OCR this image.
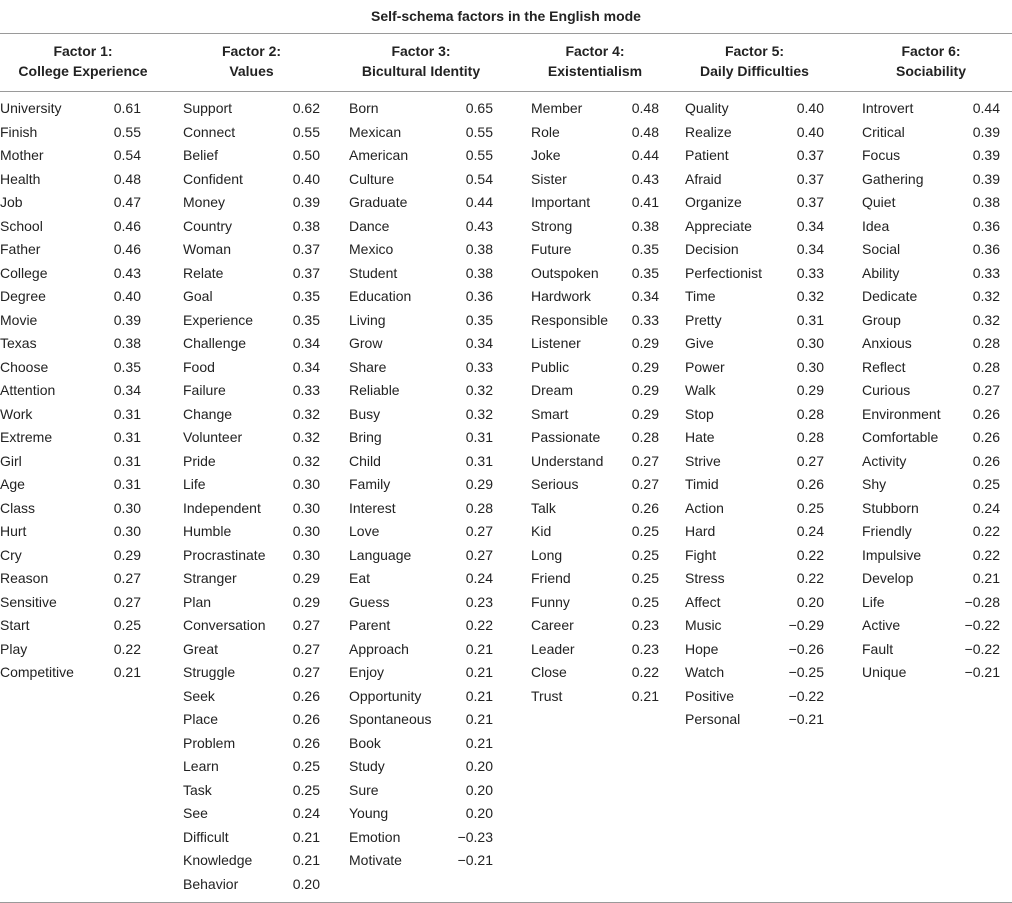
Self-schema factors in the English mode
Factor 1:
College Experience
University	0.61
Finish	0.55
Mother	0.54
Health	0.48
Job	0.47
School	0.46
Father	0.46
College	0.43
Degree	0.40
Movie	0.39
Texas	0.38
Choose	0.35
Attention	0.34
Work	0.31
Extreme	0.31
Girl	0.31
Age	0.31
Class	0.30
Hurt	0.30
Cry	0.29
Reason	0.27
Sensitive	0.27
Start	0.25
Play	0.22
Competitive	0.21
Factor 2:
Values
Support	0.62
Connect	0.55
Belief	0.50
Confident	0.40
Money	0.39
Country	0.38
Woman	0.37
Relate	0.37
Goal	0.35
Experience	0.35
Challenge	0.34
Food	0.34
Failure	0.33
Change	0.32
Volunteer	0.32
Pride	0.32
Life	0.30
Independent 0.30
Humble	0.30
Procrastinate 0.30
Stranger	0.29
Plan	0.29
Conversation 0.27
Great	0.27
Struggle	0.27
Seek	0.26
Place	0.26
Problem	0.26
Learn	0.25
Task	0.25
See	0.24
Difficult	0.21
Knowledge	0.21
Behavior	0.20
Factor 3:
Bicultural Identity
Born	0.65
Mexican	0.55
American	0.55
Culture	0.54
Graduate	0.44
Dance	0.43
Mexico	0.38
Student	0.38
Education	0.36
Living	0.35
Grow	0.34
Share	0.33
Reliable	0.32
Busy	0.32
Bring	0.31
Child	0.31
Family	0.29
Interest	0.28
Love	0.27
Language	0.27
Eat	0.24
Guess	0.23
Parent	0.22
Approach	0.21
Enjoy	0.21
Opportunity	0.21
Spontaneous 0.21
Book	0.21
Study	0.20
Sure	0.20
Young	0.20
Emotion	−0.23
Motivate	−0.21
Factor 4:
Existentialism
Member	0.48
Role	0.48
Joke	0.44
Sister	0.43
Important	0.41
Strong	0.38
Future	0.35
Outspoken 0.35
Hardwork	0.34
Responsible 0.33
Listener	0.29
Public	0.29
Dream	0.29
Smart	0.29
Passionate 0.28
Understand 0.27
Serious	0.27
Talk	0.26
Kid	0.25
Long	0.25
Friend	0.25
Funny	0.25
Career	0.23
Leader	0.23
Close	0.22
Trust	0.21
Factor 5:
Daily Difficulties
Quality	0.40
Realize	0.40
Patient	0.37
Afraid	0.37
Organize	0.37
Appreciate	0.34
Decision	0.34
Perfectionist 0.33
Time	0.32
Pretty	0.31
Give	0.30
Power	0.30
Walk	0.29
Stop	0.28
Hate	0.28
Strive	0.27
Timid	0.26
Action	0.25
Hard	0.24
Fight	0.22
Stress	0.22
Affect	0.20
Music	−0.29
Hope	−0.26
Watch	−0.25
Positive	−0.22
Personal	−0.21
Factor 6:
Sociability
Introvert	0.44
Critical	0.39
Focus	0.39
Gathering	0.39
Quiet	0.38
Idea	0.36
Social	0.36
Ability	0.33
Dedicate	0.32
Group	0.32
Anxious	0.28
Reflect	0.28
Curious	0.27
Environment 0.26
Comfortable 0.26
Activity	0.26
Shy	0.25
Stubborn	0.24
Friendly	0.22
Impulsive	0.22
Develop	0.21
Life	−0.28
Active	−0.22
Fault	−0.22
Unique	−0.21
